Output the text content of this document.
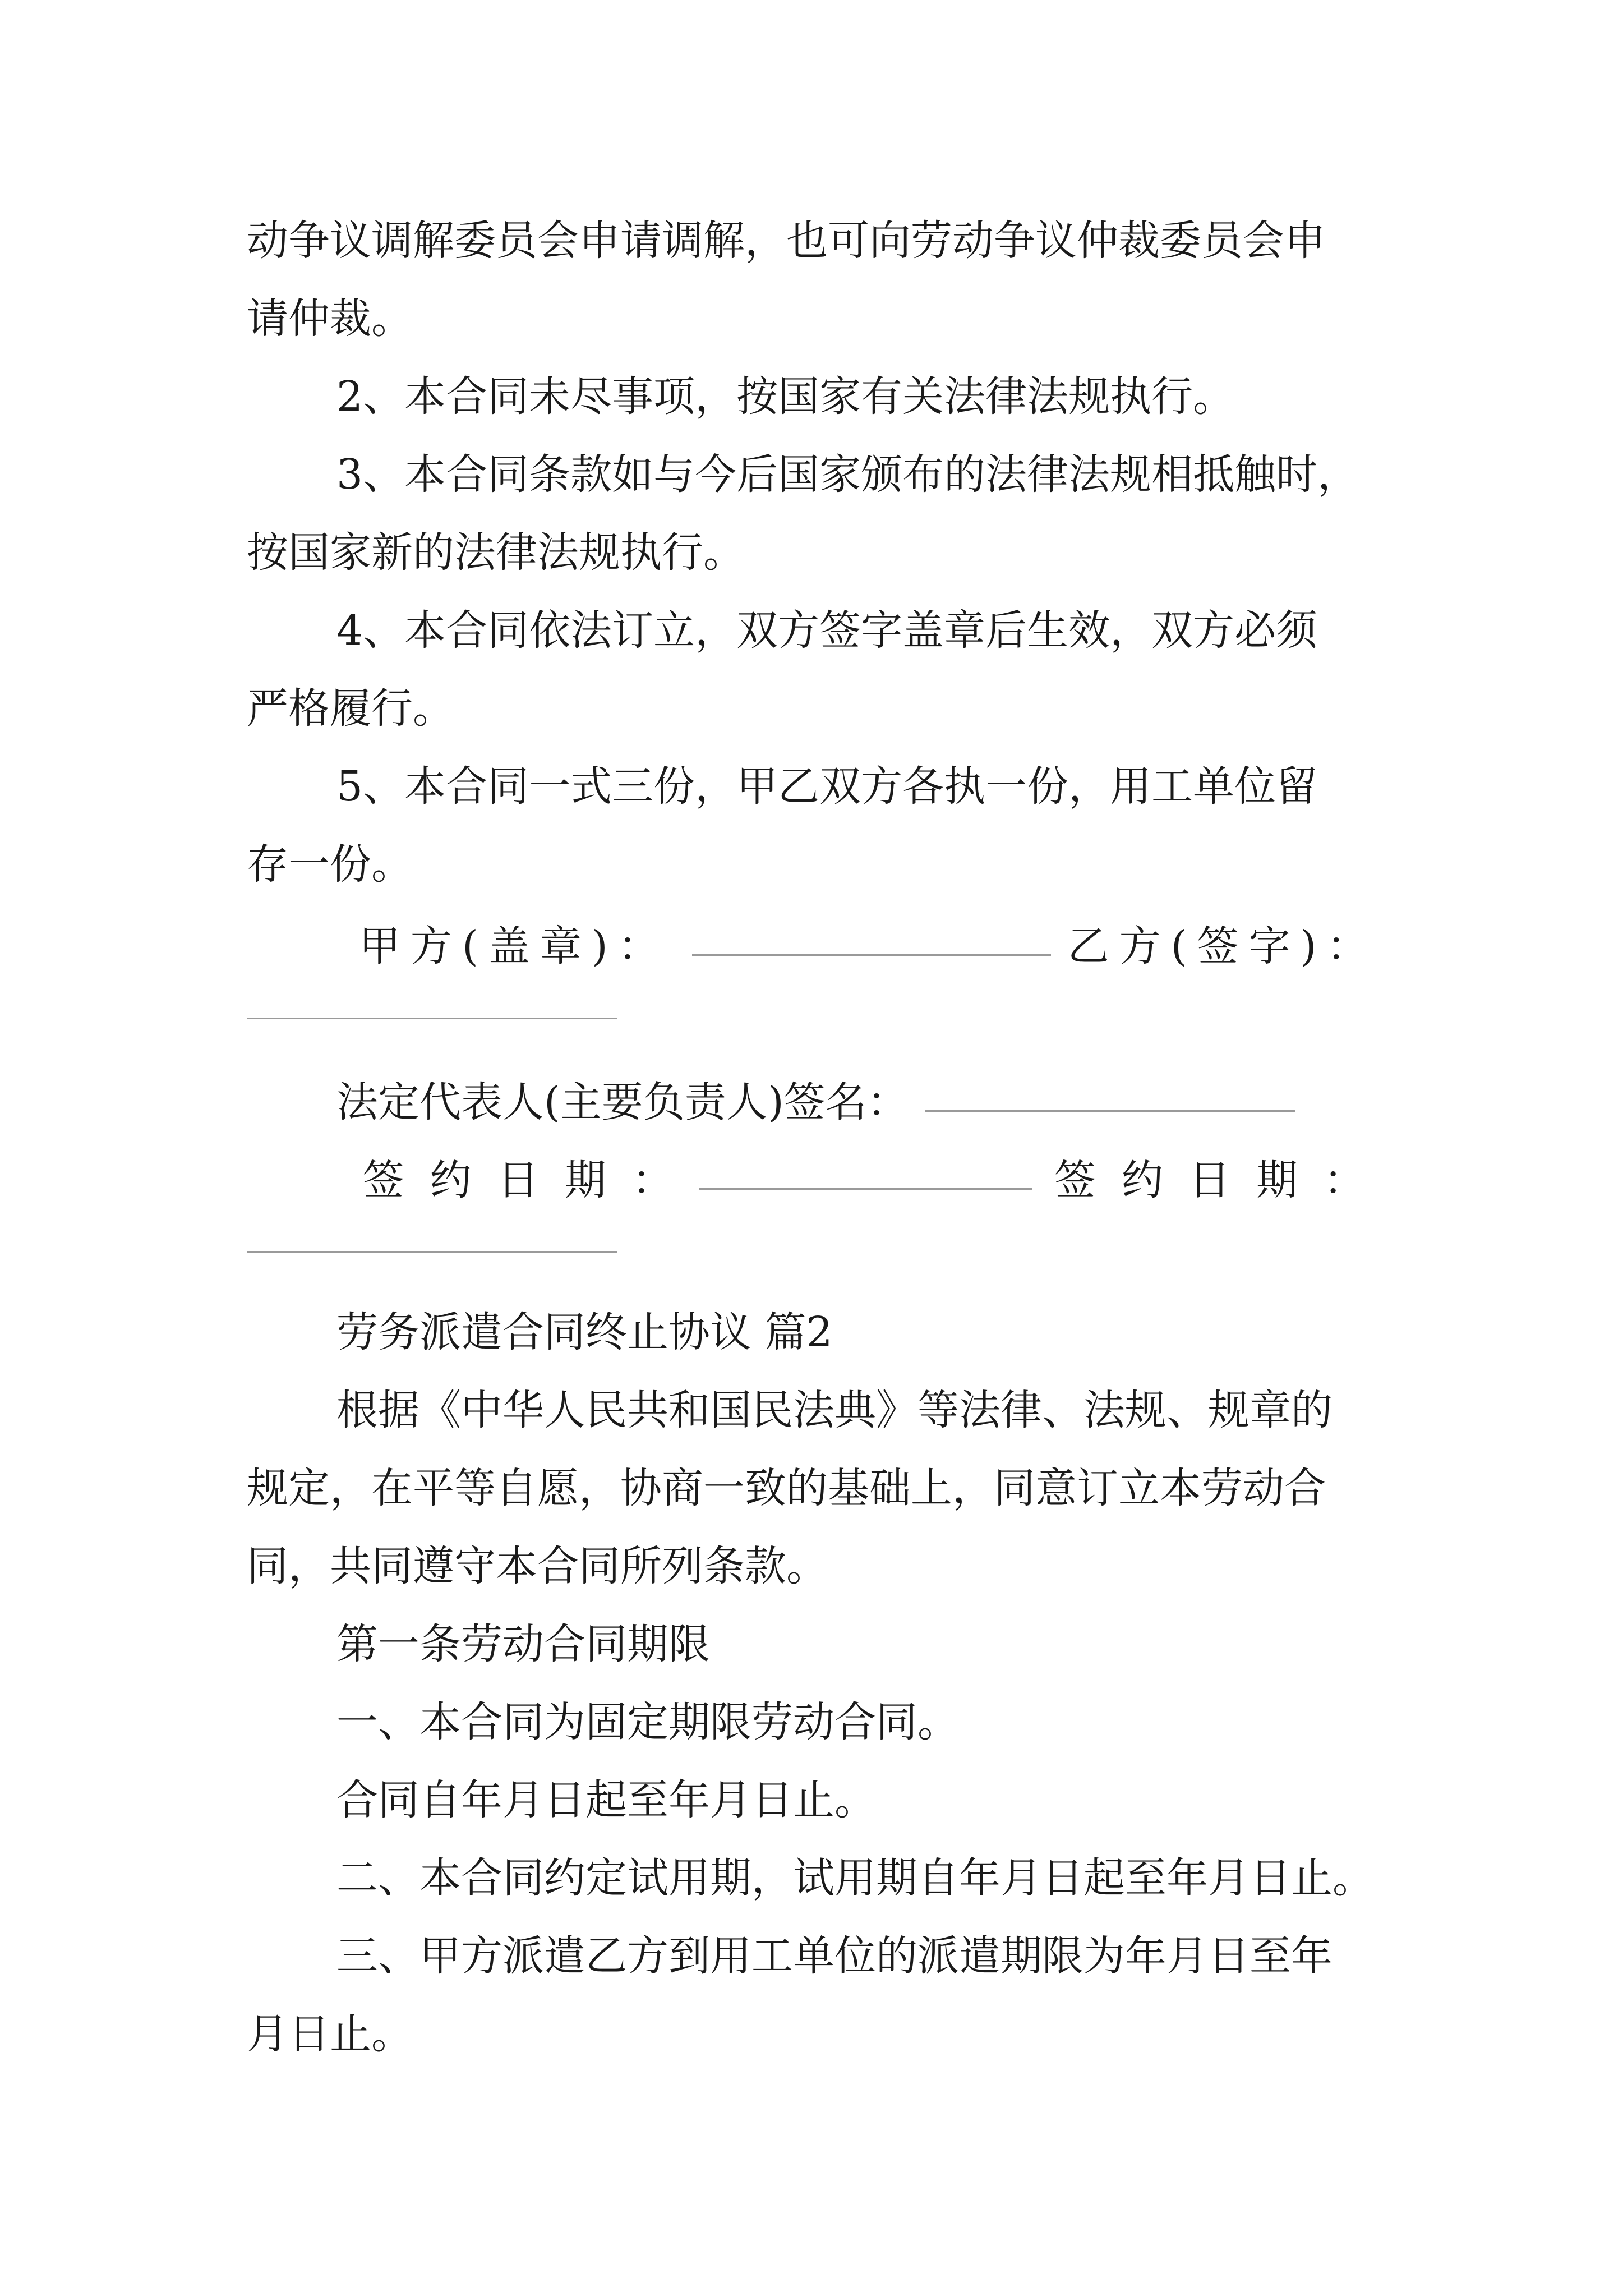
动争议调解委员会申请调解，也可向劳动争议仲裁委员会申
请仲裁。
2、本合同未尽事项，按国家有关法律法规执行。
3、本合同条款如与今后国家颁布的法律法规相抵触时，
按国家新的法律法规执行。
4、本合同依法订立，双方签字盖章后生效，双方必须
严格履行。
5、本合同一式三份，甲乙双方各执一份，用工单位留
存一份。
甲方(盖章)：	乙方(签字)：
法定代表人(主要负责人)签名：
签约日期：	签约日期：
劳务派遣合同终止协议 篇2
根据《中华人民共和国民法典》等法律、法规、规章的
规定，在平等自愿，协商一致的基础上，同意订立本劳动合
同，共同遵守本合同所列条款。
第一条劳动合同期限
一、本合同为固定期限劳动合同。
合同自年月日起至年月日止。
二、本合同约定试用期，试用期自年月日起至年月日止。
三、甲方派遣乙方到用工单位的派遣期限为年月日至年
月日止。
